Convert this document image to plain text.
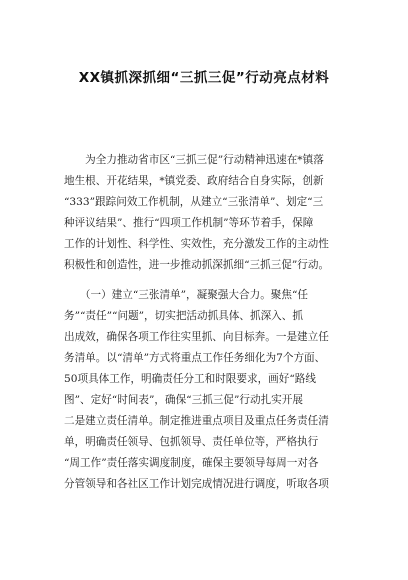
XX镇抓深抓细“三抓三促”行动亮点材料

　　为全力推动省市区“三抓三促”行动精神迅速在*镇落

地生根、开花结果，*镇党委、政府结合自身实际，创新

“333”跟踪问效工作机制，从建立“三张清单”、划定“三

种评议结果”、推行“四项工作机制”等环节着手，保障

工作的计划性、科学性、实效性，充分激发工作的主动性

积极性和创造性，进一步推动抓深抓细“三抓三促”行动。

　　（一）建立“三张清单”，凝聚强大合力。聚焦“任

务”“责任”“问题”，切实把活动抓具体、抓深入、抓

出成效，确保各项工作往实里抓、向目标奔。一是建立任

务清单。以“清单”方式将重点工作任务细化为7个方面、

50项具体工作，明确责任分工和时限要求，画好“路线

图”、定好“时间表”，确保“三抓三促”行动扎实开展

二是建立责任清单。制定推进重点项目及重点任务责任清

单，明确责任领导、包抓领导、责任单位等，严格执行

“周工作”责任落实调度制度，確保主要领导每周一对各

分管领导和各社区工作计划完成情况进行调度，听取各项
